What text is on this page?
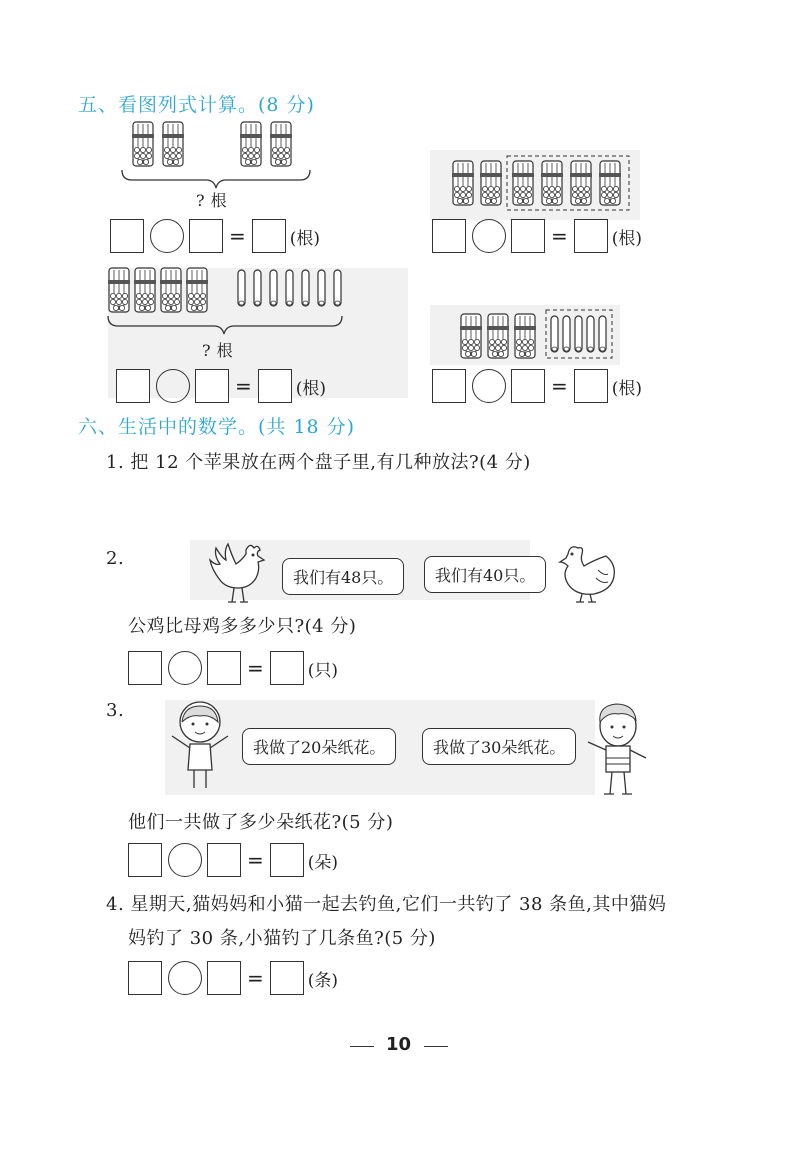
五、看图列式计算。(8 分)
? 根
=	(根)	=	(根)
? 根
=	(根)	=	(根)
六、生活中的数学。(共 18 分)
1. 把 12 个苹果放在两个盘子里,有几种放法?(4 分)
2.
我们有48只。	我们有40只。
公鸡比母鸡多多少只?(4 分)
=	(只)
3.
我做了20朵纸花。	我做了30朵纸花。
他们一共做了多少朵纸花?(5 分)
=	(朵)
4. 星期天,猫妈妈和小猫一起去钓鱼,它们一共钓了 38 条鱼,其中猫妈
妈钓了 30 条,小猫钓了几条鱼?(5 分)
=	(条)
10
